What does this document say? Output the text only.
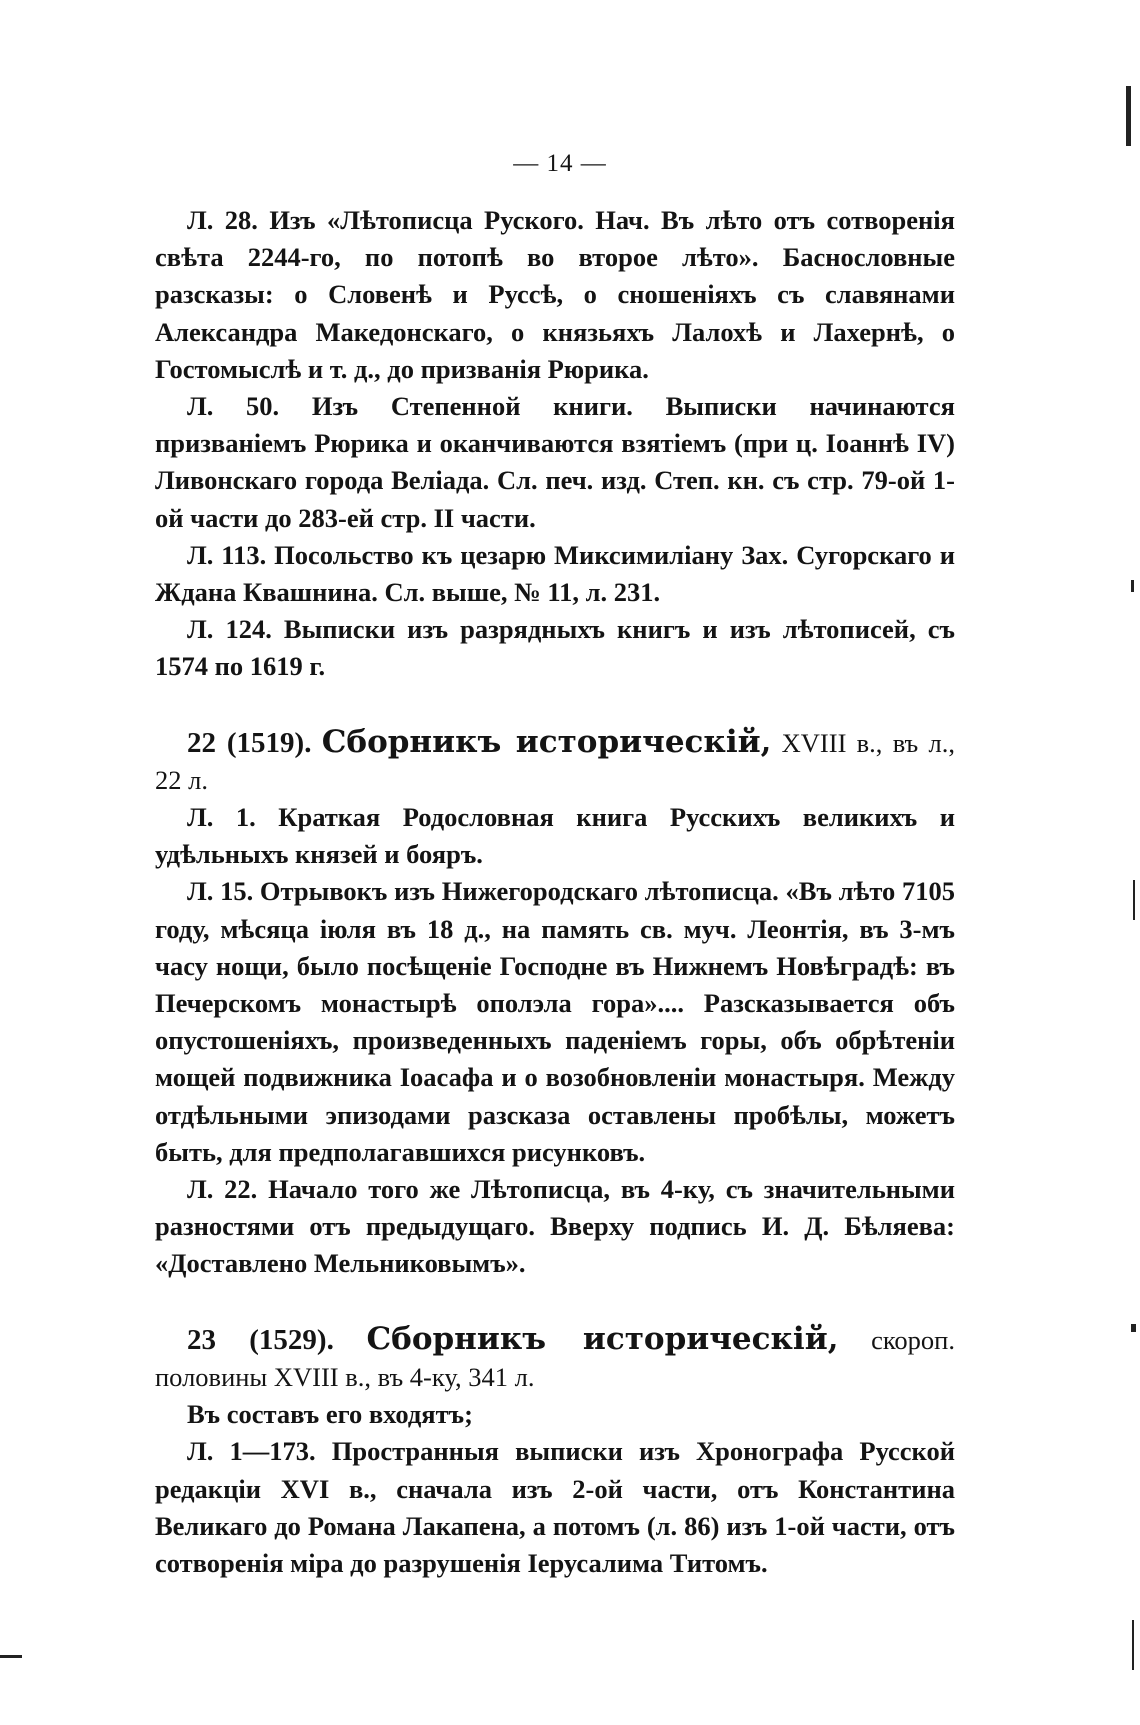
— 14 —

Л. 28. Изъ «Лѣтописца Руского. Нач. Въ лѣто отъ сотворенія свѣта 2244-го, по потопѣ во второе лѣто». Баснословные разсказы: о Словенѣ и Руссѣ, о сношеніяхъ съ славянами Александра Македонскаго, о князьяхъ Лалохѣ и Лахернѣ, о Гостомыслѣ и т. д., до призванія Рюрика.

Л. 50. Изъ Степенной книги. Выписки начинаются призваніемъ Рюрика и оканчиваются взятіемъ (при ц. Іоаннѣ IV) Ливонскаго города Веліада. Сл. печ. изд. Степ. кн. съ стр. 79-ой 1-ой части до 283-ей стр. II части.

Л. 113. Посольство къ цезарю Миксимиліану Зах. Сугорскаго и Ждана Квашнина. Сл. выше, № 11, л. 231.

Л. 124. Выписки изъ разрядныхъ книгъ и изъ лѣтописей, съ 1574 по 1619 г.

22 (1519). Сборникъ историческій, XVIII в., въ л., 22 л.

Л. 1. Краткая Родословная книга Русскихъ великихъ и удѣльныхъ князей и бояръ.

Л. 15. Отрывокъ изъ Нижегородскаго лѣтописца. «Въ лѣто 7105 году, мѣсяца іюля въ 18 д., на память св. муч. Леонтія, въ 3-мъ часу нощи, было посѣщеніе Господне въ Нижнемъ Новѣградѣ: въ Печерскомъ монастырѣ ополэла гора».... Разсказывается объ опустошеніяхъ, произведенныхъ паденіемъ горы, объ обрѣтеніи мощей подвижника Іоасафа и о возобновленіи монастыря. Между отдѣльными эпизодами разсказа оставлены пробѣлы, можетъ быть, для предполагавшихся рисунковъ.

Л. 22. Начало того же Лѣтописца, въ 4-ку, съ значительными разностями отъ предыдущаго. Вверху подпись И. Д. Бѣляева: «Доставлено Мельниковымъ».

23 (1529). Сборникъ историческій, скороп. половины XVIII в., въ 4-ку, 341 л.

Въ составъ его входятъ;

Л. 1—173. Пространныя выписки изъ Хронографа Русской редакціи XVI в., сначала изъ 2-ой части, отъ Константина Великаго до Романа Лакапена, а потомъ (л. 86) изъ 1-ой части, отъ сотворенія міра до разрушенія Іерусалима Титомъ.
